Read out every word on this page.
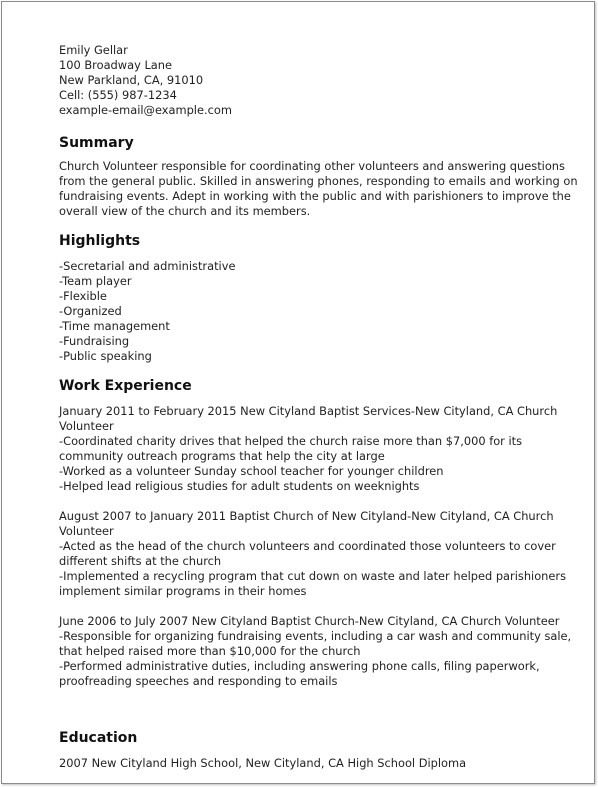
Emily Gellar
100 Broadway Lane
New Parkland, CA, 91010
Cell: (555) 987-1234
example-email@example.com
Summary
Church Volunteer responsible for coordinating other volunteers and answering questions from the general public. Skilled in answering phones, responding to emails and working on fundraising events. Adept in working with the public and with parishioners to improve the overall view of the church and its members.
Highlights
-Secretarial and administrative
-Team player
-Flexible
-Organized
-Time management
-Fundraising
-Public speaking
Work Experience
January 2011 to February 2015 New Cityland Baptist Services-New Cityland, CA Church Volunteer
-Coordinated charity drives that helped the church raise more than $7,000 for its community outreach programs that help the city at large
-Worked as a volunteer Sunday school teacher for younger children
-Helped lead religious studies for adult students on weeknights
August 2007 to January 2011 Baptist Church of New Cityland-New Cityland, CA Church Volunteer
-Acted as the head of the church volunteers and coordinated those volunteers to cover different shifts at the church
-Implemented a recycling program that cut down on waste and later helped parishioners implement similar programs in their homes
June 2006 to July 2007 New Cityland Baptist Church-New Cityland, CA Church Volunteer
-Responsible for organizing fundraising events, including a car wash and community sale, that helped raised more than $10,000 for the church
-Performed administrative duties, including answering phone calls, filing paperwork, proofreading speeches and responding to emails
Education
2007 New Cityland High School, New Cityland, CA High School Diploma
